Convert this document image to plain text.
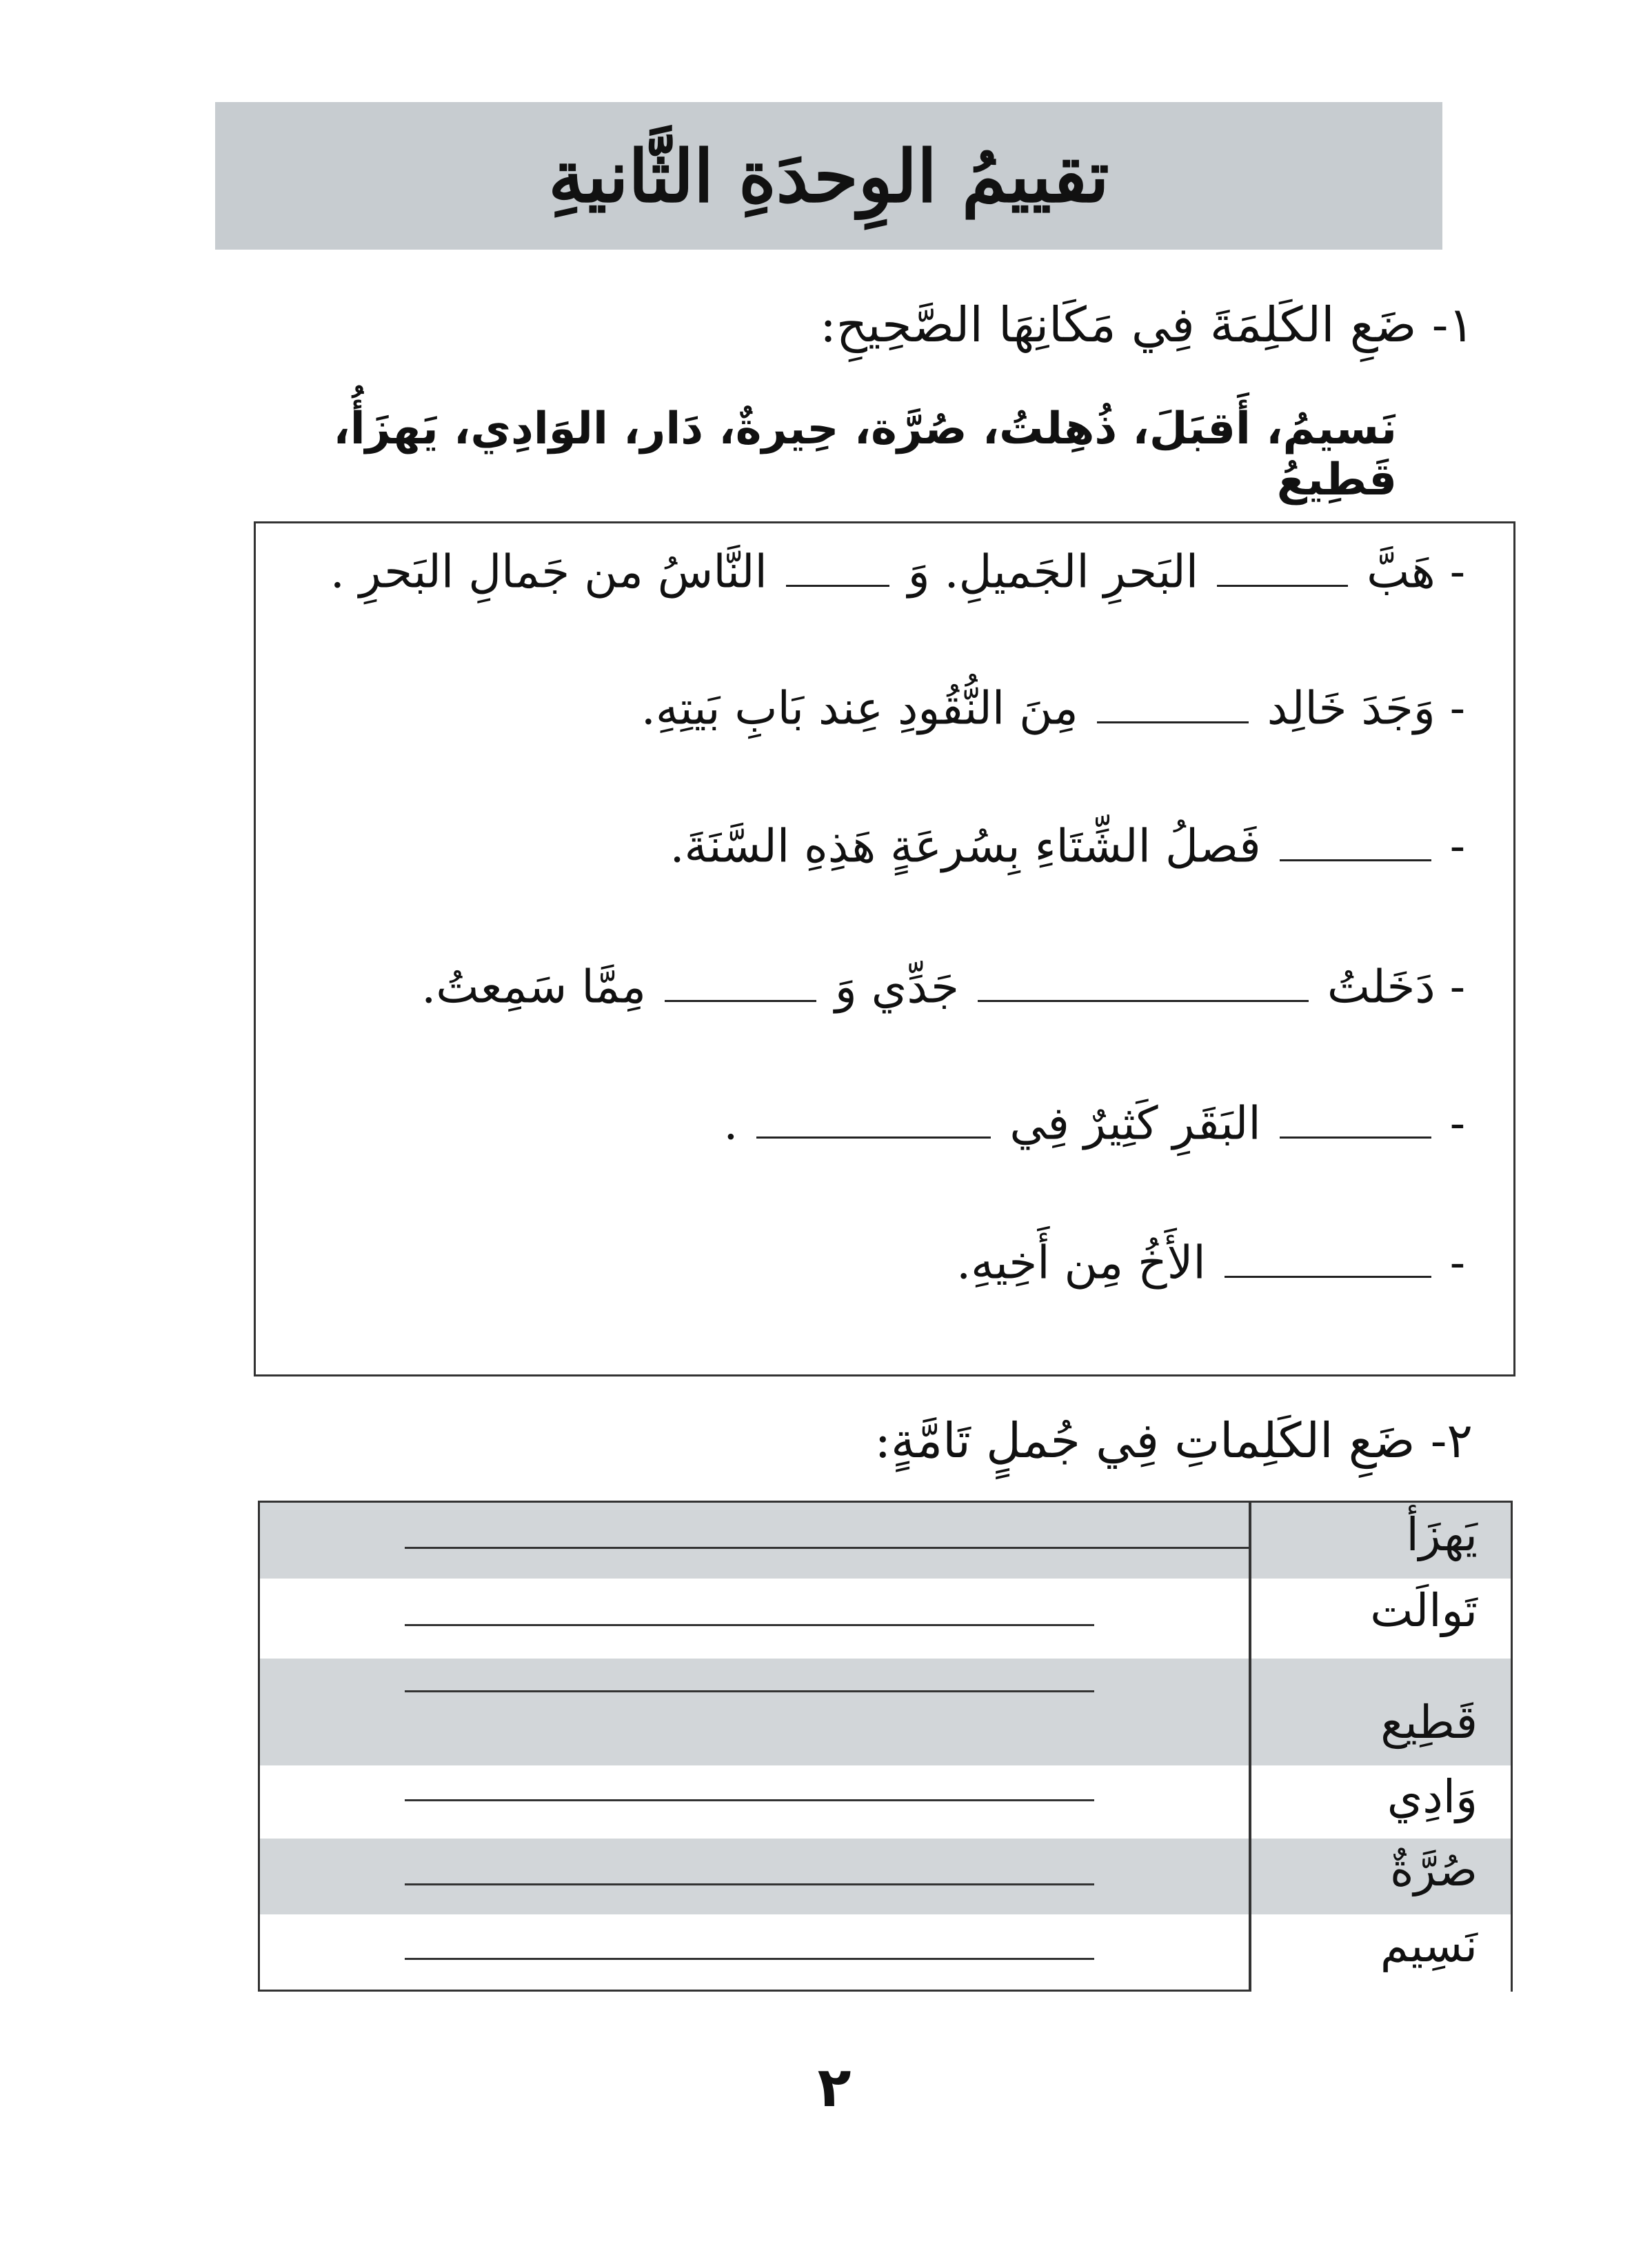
تقييمُ الوِحدَةِ الثَّانيةِ
١- ضَعِ الكَلِمَةَ فِي مَكَانِهَا الصَّحِيحِ:
نَسيمُ، أَقبَلَ، ذُهِلتُ، صُرَّة، حِيرةٌ، دَار، الوَادِي، يَهزَأُ، قَطِيعُ
- هَبَّ  البَحرِ الجَميلِ. وَ  النَّاسُ من جَمالِ البَحرِ .
- وَجَدَ خَالِد  مِنَ النُّقُودِ عِند بَابِ بَيتِهِ.
-  فَصلُ الشِّتَاءِ بِسُرعَةٍ هَذِهِ السَّنَةَ.
- دَخَلتُ  جَدِّي وَ  مِمَّا سَمِعتُ.
-  البَقَرِ كَثِيرٌ فِي  .
-  الأَخُ مِن أَخِيهِ.
٢- ضَعِ الكَلِماتِ فِي جُملٍ تَامَّةٍ:
يَهزَأ
تَوالَت
قَطِيع
وَادِي
صُرَّةٌ
نَسِيم
٢
